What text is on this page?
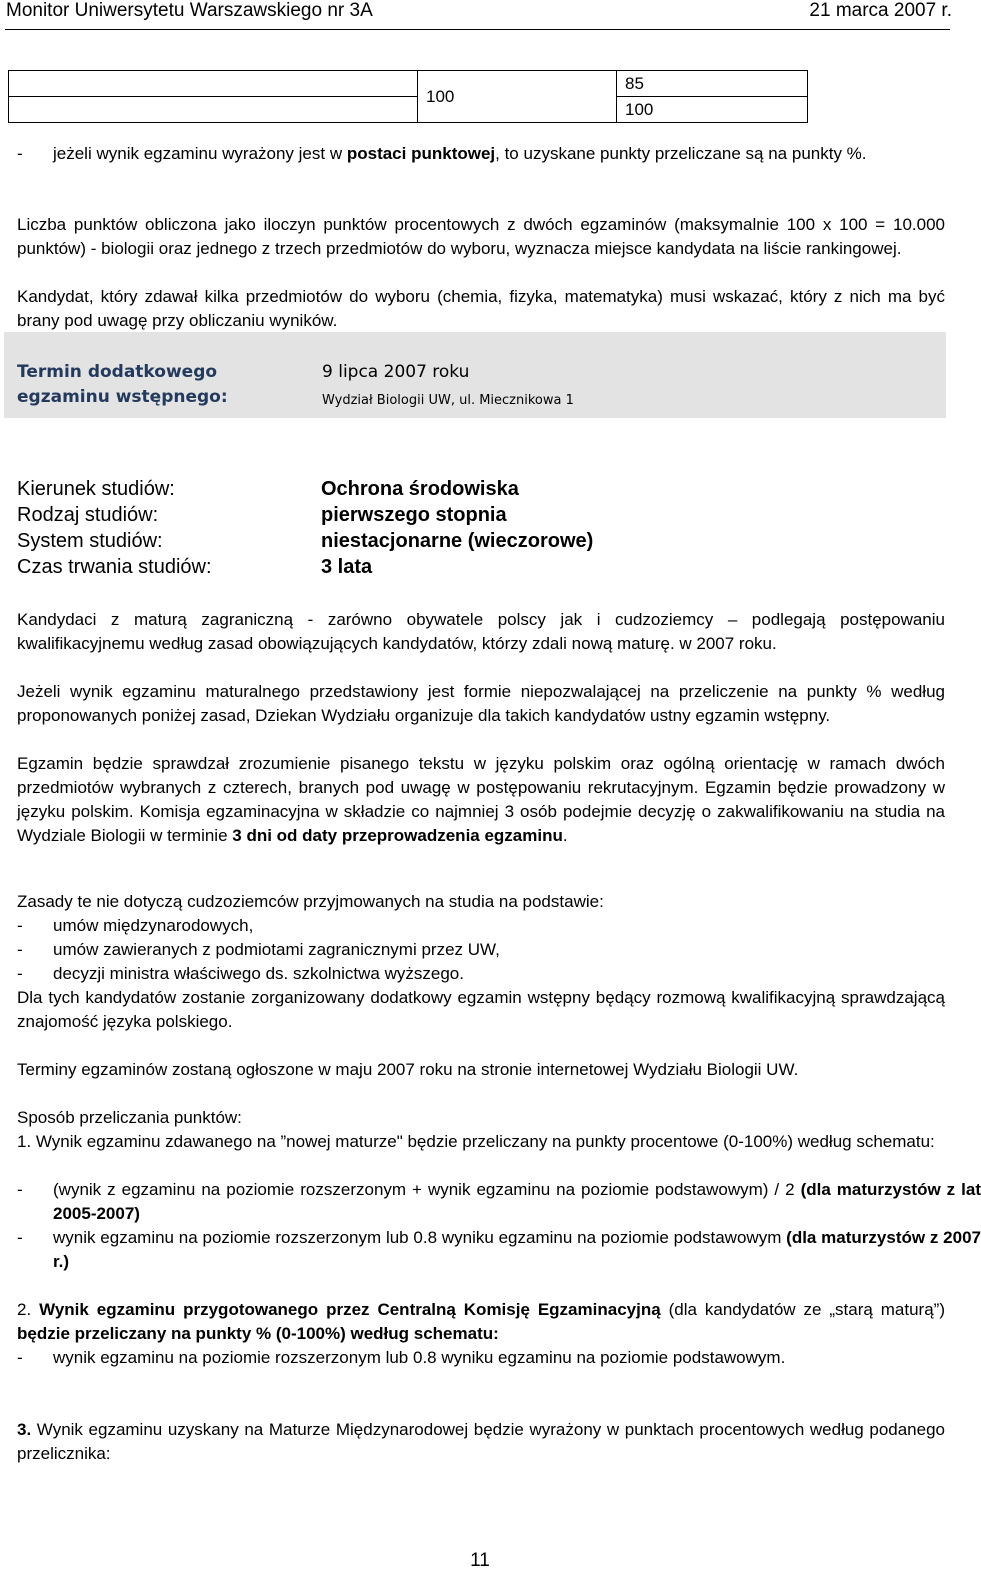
Monitor Uniwersytetu Warszawskiego nr 3A	21 marca 2007 r.
	100	85
		100
- jeżeli wynik egzaminu wyrażony jest w postaci punktowej, to uzyskane punkty przeliczane są na punkty %.
Liczba punktów obliczona jako iloczyn punktów procentowych z dwóch egzaminów (maksymalnie 100 x 100 = 10.000 punktów) - biologii oraz jednego z trzech przedmiotów do wyboru, wyznacza miejsce kandydata na liście rankingowej.
Kandydat, który zdawał kilka przedmiotów do wyboru (chemia, fizyka, matematyka) musi wskazać, który z nich ma być brany pod uwagę przy obliczaniu wyników.
Termin dodatkowego egzaminu wstępnego:
9 lipca 2007 roku
Wydział Biologii UW, ul. Miecznikowa 1
Kierunek studiów:	Ochrona środowiska
Rodzaj studiów:	pierwszego stopnia
System studiów:	niestacjonarne (wieczorowe)
Czas trwania studiów:	3 lata
Kandydaci z maturą zagraniczną - zarówno obywatele polscy jak i cudzoziemcy – podlegają postępowaniu kwalifikacyjnemu według zasad obowiązujących kandydatów, którzy zdali nową maturę. w 2007 roku.
Jeżeli wynik egzaminu maturalnego przedstawiony jest formie niepozwalającej na przeliczenie na punkty % według proponowanych poniżej zasad, Dziekan Wydziału organizuje dla takich kandydatów ustny egzamin wstępny.
Egzamin będzie sprawdzał zrozumienie pisanego tekstu w języku polskim oraz ogólną orientację w ramach dwóch przedmiotów wybranych z czterech, branych pod uwagę w postępowaniu rekrutacyjnym. Egzamin będzie prowadzony w języku polskim. Komisja egzaminacyjna w składzie co najmniej 3 osób podejmie decyzję o zakwalifikowaniu na studia na Wydziale Biologii w terminie 3 dni od daty przeprowadzenia egzaminu.
Zasady te nie dotyczą cudzoziemców przyjmowanych na studia na podstawie:
- umów międzynarodowych,
- umów zawieranych z podmiotami zagranicznymi przez UW,
- decyzji ministra właściwego ds. szkolnictwa wyższego.
Dla tych kandydatów zostanie zorganizowany dodatkowy egzamin wstępny będący rozmową kwalifikacyjną sprawdzającą znajomość języka polskiego.
Terminy egzaminów zostaną ogłoszone w maju 2007 roku na stronie internetowej Wydziału Biologii UW.
Sposób przeliczania punktów:
1. Wynik egzaminu zdawanego na ”nowej maturze" będzie przeliczany na punkty procentowe (0-100%) według schematu:
- (wynik z egzaminu na poziomie rozszerzonym + wynik egzaminu na poziomie podstawowym) / 2 (dla maturzystów z lat 2005-2007)
- wynik egzaminu na poziomie rozszerzonym lub 0.8 wyniku egzaminu na poziomie podstawowym (dla maturzystów z 2007 r.)
2. Wynik egzaminu przygotowanego przez Centralną Komisję Egzaminacyjną (dla kandydatów ze „starą maturą”) będzie przeliczany na punkty % (0-100%) według schematu:
- wynik egzaminu na poziomie rozszerzonym lub 0.8 wyniku egzaminu na poziomie podstawowym.
3. Wynik egzaminu uzyskany na Maturze Międzynarodowej będzie wyrażony w punktach procentowych według podanego przelicznika:
11
